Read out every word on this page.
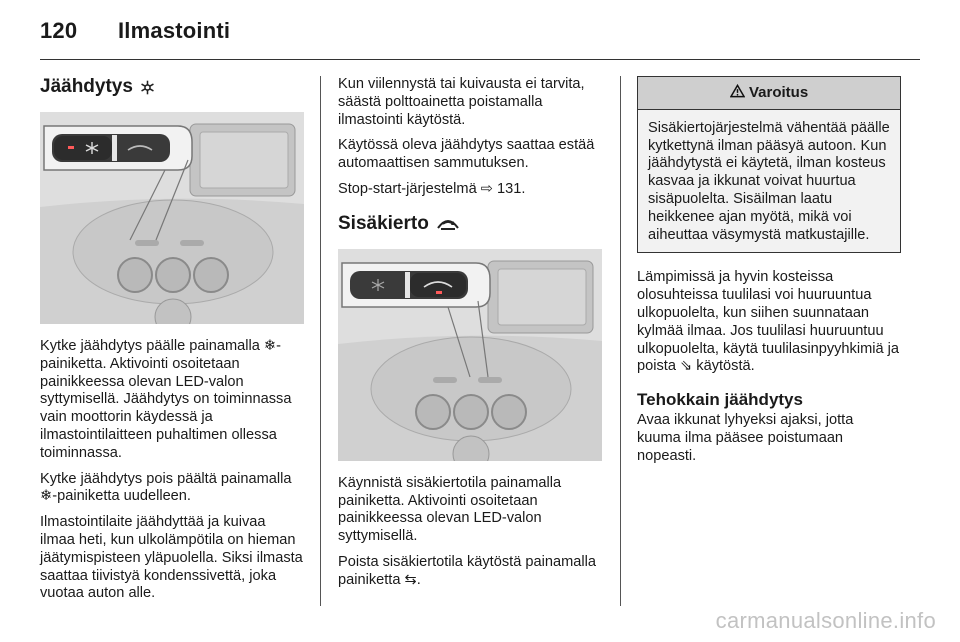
120 Ilmastointi
Jäähdytys

Kytke jäähdytys päälle painamalla ❄-painiketta. Aktivointi osoitetaan painikkeessa olevan LED-valon syttymisellä. Jäähdytys on toiminnassa vain moottorin käydessä ja ilmastointilaitteen puhaltimen ollessa toiminnassa.

Kytke jäähdytys pois päältä painamalla ❄-painiketta uudelleen.

Ilmastointilaite jäähdyttää ja kuivaa ilmaa heti, kun ulkolämpötila on hieman jäätymispisteen yläpuolella. Siksi ilmasta saattaa tiivistyä kondenssivettä, joka vuotaa auton alle.

Kun viilennystä tai kuivausta ei tarvita, säästä polttoainetta poistamalla ilmastointi käytöstä.

Käytössä oleva jäähdytys saattaa estää automaattisen sammutuksen.

Stop-start-järjestelmä ⇨ 131.

Sisäkierto

Käynnistä sisäkiertotila painamalla painiketta. Aktivointi osoitetaan painikkeessa olevan LED-valon syttymisellä.

Poista sisäkiertotila käytöstä painamalla painiketta ⇆.

Varoitus
Sisäkiertojärjestelmä vähentää päälle kytkettynä ilman pääsyä autoon. Kun jäähdytystä ei käytetä, ilman kosteus kasvaa ja ikkunat voivat huurtua sisäpuolelta. Sisäilman laatu heikkenee ajan myötä, mikä voi aiheuttaa väsymystä matkustajille.

Lämpimissä ja hyvin kosteissa olosuhteissa tuulilasi voi huuruuntua ulkopuolelta, kun siihen suunnataan kylmää ilmaa. Jos tuulilasi huuruuntuu ulkopuolelta, käytä tuulilasinpyyhkimiä ja poista ⇘ käytöstä.

Tehokkain jäähdytys

Avaa ikkunat lyhyeksi ajaksi, jotta kuuma ilma pääsee poistumaan nopeasti.

carmanualsonline.info
